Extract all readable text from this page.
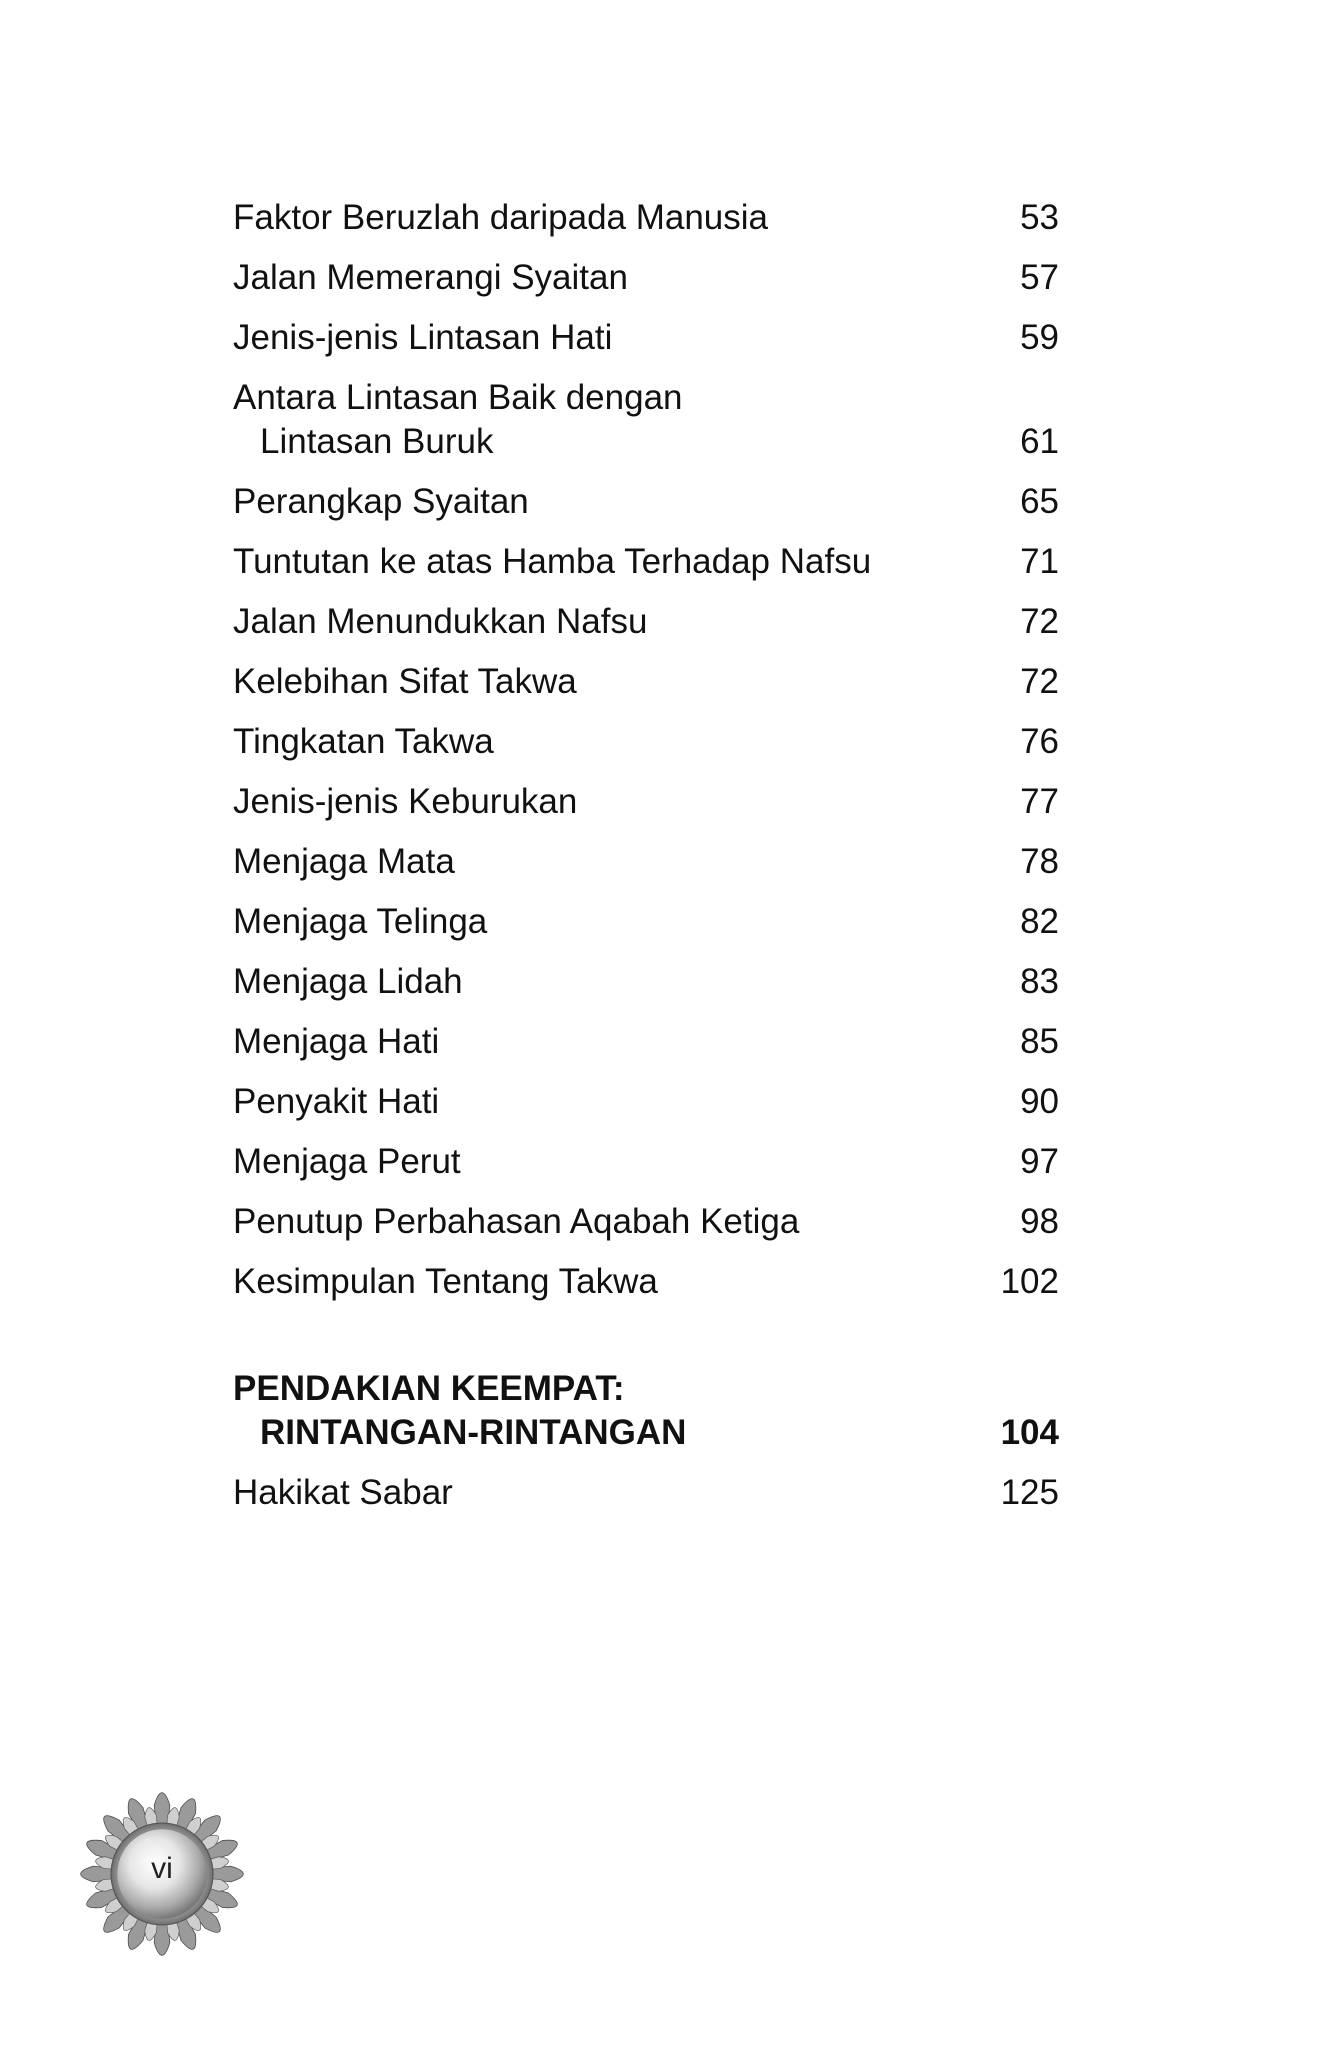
Faktor Beruzlah daripada Manusia	53
Jalan Memerangi Syaitan	57
Jenis-jenis Lintasan Hati	59
Antara Lintasan Baik dengan
Lintasan Buruk	61
Perangkap Syaitan	65
Tuntutan ke atas Hamba Terhadap Nafsu	71
Jalan Menundukkan Nafsu	72
Kelebihan Sifat Takwa	72
Tingkatan Takwa	76
Jenis-jenis Keburukan	77
Menjaga Mata	78
Menjaga Telinga	82
Menjaga Lidah	83
Menjaga Hati	85
Penyakit Hati	90
Menjaga Perut	97
Penutup Perbahasan Aqabah Ketiga	98
Kesimpulan Tentang Takwa	102
PENDAKIAN KEEMPAT:
RINTANGAN-RINTANGAN	104
Hakikat Sabar	125
vi
